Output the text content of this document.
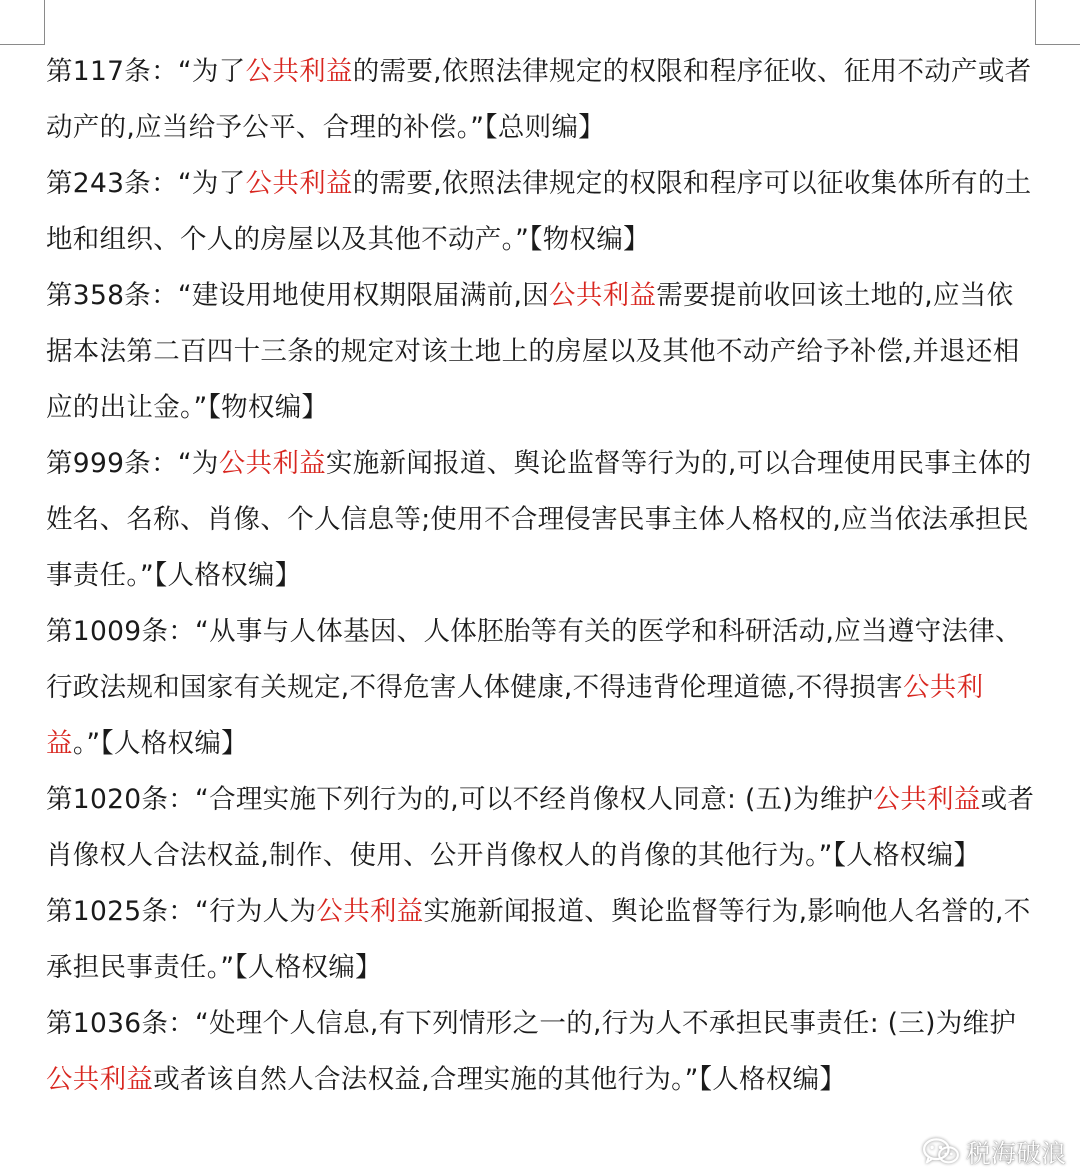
第117条：“为了公共利益的需要,依照法律规定的权限和程序征收、征用不动产或者动产的,应当给予公平、合理的补偿。”【总则编】

第243条：“为了公共利益的需要,依照法律规定的权限和程序可以征收集体所有的土地和组织、个人的房屋以及其他不动产。”【物权编】

第358条：“建设用地使用权期限届满前,因公共利益需要提前收回该土地的,应当依据本法第二百四十三条的规定对该土地上的房屋以及其他不动产给予补偿,并退还相应的出让金。”【物权编】

第999条：“为公共利益实施新闻报道、舆论监督等行为的,可以合理使用民事主体的姓名、名称、肖像、个人信息等;使用不合理侵害民事主体人格权的,应当依法承担民事责任。”【人格权编】

第1009条：“从事与人体基因、人体胚胎等有关的医学和科研活动,应当遵守法律、行政法规和国家有关规定,不得危害人体健康,不得违背伦理道德,不得损害公共利益。”【人格权编】

第1020条：“合理实施下列行为的,可以不经肖像权人同意: (五)为维护公共利益或者肖像权人合法权益,制作、使用、公开肖像权人的肖像的其他行为。”【人格权编】

第1025条：“行为人为公共利益实施新闻报道、舆论监督等行为,影响他人名誉的,不承担民事责任。”【人格权编】

第1036条：“处理个人信息,有下列情形之一的,行为人不承担民事责任: (三)为维护公共利益或者该自然人合法权益,合理实施的其他行为。”【人格权编】

税海破浪
